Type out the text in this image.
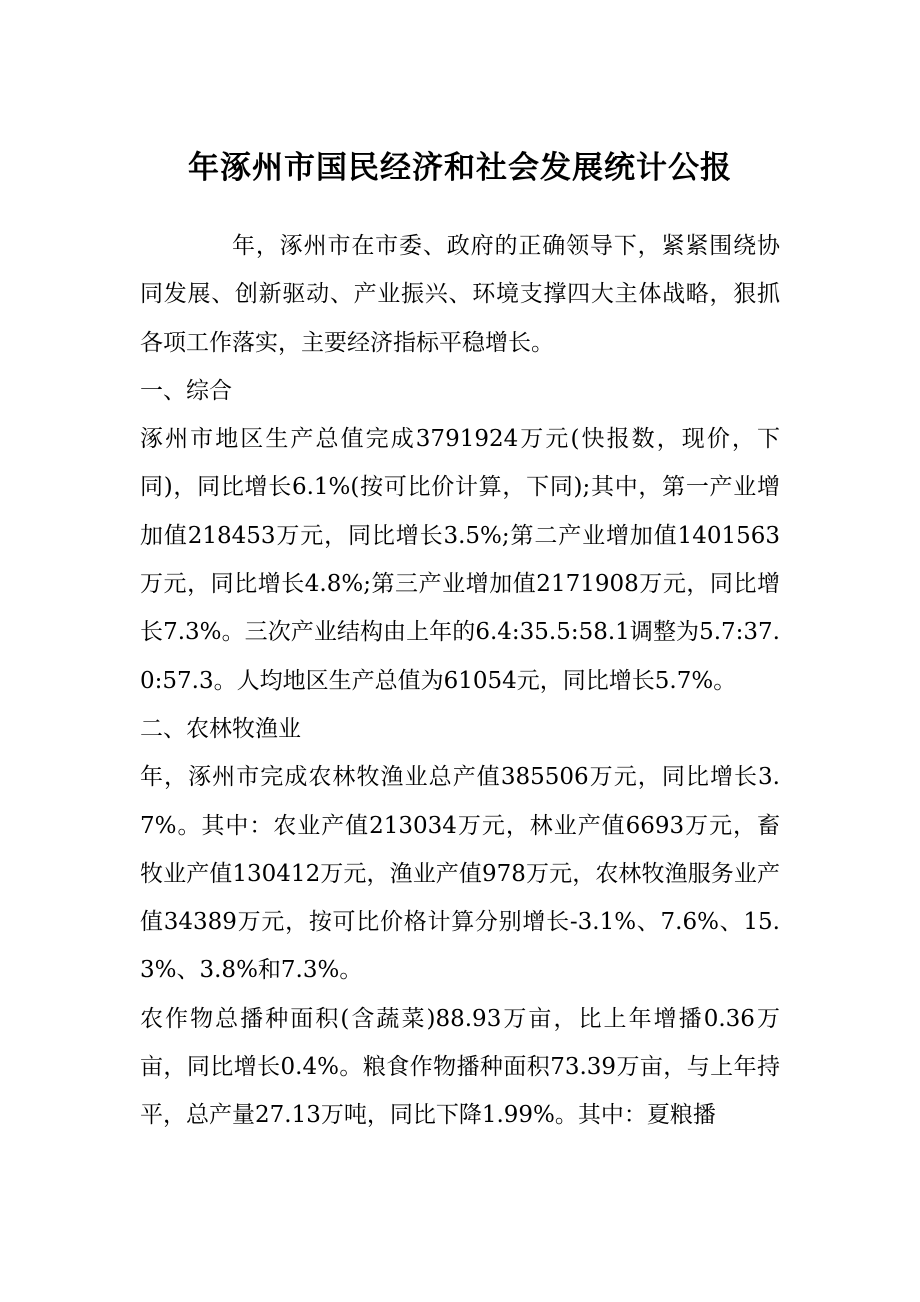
年涿州市国民经济和社会发展统计公报

年，涿州市在市委、政府的正确领导下，紧紧围绕协同发展、创新驱动、产业振兴、环境支撑四大主体战略，狠抓各项工作落实，主要经济指标平稳增长。

一、综合

涿州市地区生产总值完成3791924万元(快报数，现价，下同)，同比增长6.1%(按可比价计算，下同);其中，第一产业增加值218453万元，同比增长3.5%;第二产业增加值1401563万元，同比增长4.8%;第三产业增加值2171908万元，同比增长7.3%。三次产业结构由上年的6.4:35.5:58.1调整为5.7:37.0:57.3。人均地区生产总值为61054元，同比增长5.7%。

二、农林牧渔业

年，涿州市完成农林牧渔业总产值385506万元，同比增长3.7%。其中：农业产值213034万元，林业产值6693万元，畜牧业产值130412万元，渔业产值978万元，农林牧渔服务业产值34389万元，按可比价格计算分别增长-3.1%、7.6%、15.3%、3.8%和7.3%。

农作物总播种面积(含蔬菜)88.93万亩，比上年增播0.36万亩，同比增长0.4%。粮食作物播种面积73.39万亩，与上年持平，总产量27.13万吨，同比下降1.99%。其中：夏粮播
